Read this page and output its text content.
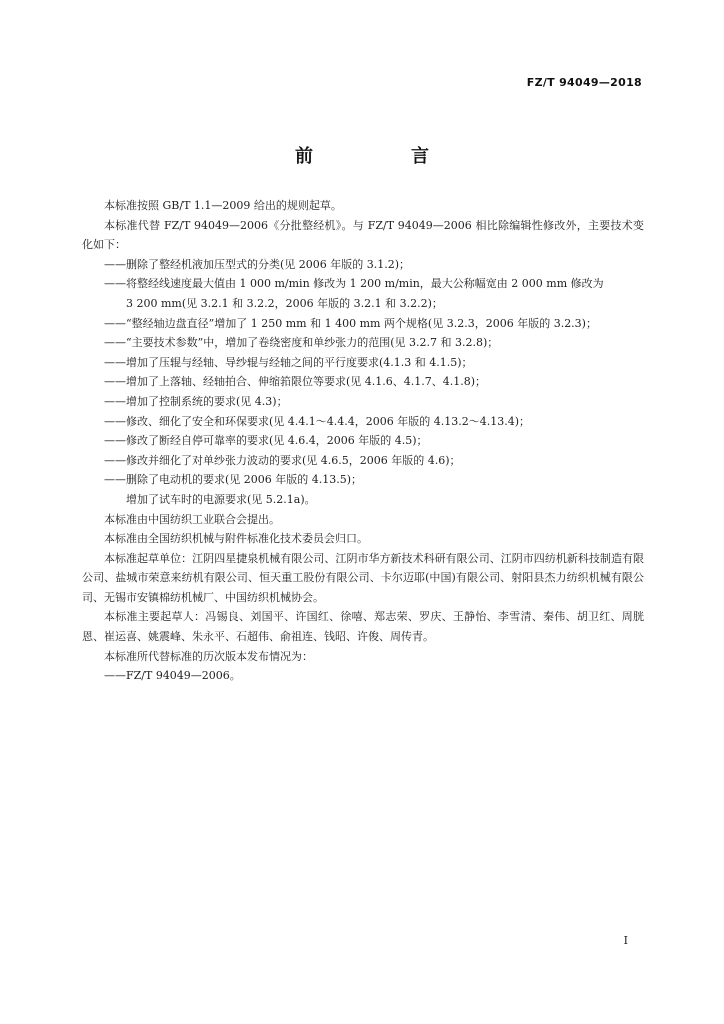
FZ/T 94049—2018
前　言

本标准按照 GB/T 1.1—2009 给出的规则起草。

本标准代替 FZ/T 94049—2006《分批整经机》。与 FZ/T 94049—2006 相比除编辑性修改外，主要技术变化如下：

——删除了整经机液加压型式的分类(见 2006 年版的 3.1.2)；

——将整经线速度最大值由 1 000 m/min 修改为 1 200 m/min，最大公称幅宽由 2 000 mm 修改为

3 200 mm(见 3.2.1 和 3.2.2，2006 年版的 3.2.1 和 3.2.2)；

——“整经轴边盘直径”增加了 1 250 mm 和 1 400 mm 两个规格(见 3.2.3，2006 年版的 3.2.3)；

——“主要技术参数”中，增加了卷绕密度和单纱张力的范围(见 3.2.7 和 3.2.8)；

——增加了压辊与经轴、导纱辊与经轴之间的平行度要求(4.1.3 和 4.1.5)；

——增加了上落轴、经轴拍合、伸缩筘限位等要求(见 4.1.6、4.1.7、4.1.8)；

——增加了控制系统的要求(见 4.3)；

——修改、细化了安全和环保要求(见 4.4.1～4.4.4，2006 年版的 4.13.2～4.13.4)；

——修改了断经自停可靠率的要求(见 4.6.4，2006 年版的 4.5)；

——修改并细化了对单纱张力波动的要求(见 4.6.5，2006 年版的 4.6)；

——删除了电动机的要求(见 2006 年版的 4.13.5)；

增加了试车时的电源要求(见 5.2.1a)。

本标准由中国纺织工业联合会提出。

本标准由全国纺织机械与附件标准化技术委员会归口。

本标准起草单位：江阴四星捷泉机械有限公司、江阴市华方新技术科研有限公司、江阴市四纺机新科技制造有限公司、盐城市荣意来纺机有限公司、恒天重工股份有限公司、卡尔迈耶(中国)有限公司、射阳县杰力纺织机械有限公司、无锡市安镇棉纺机械厂、中国纺织机械协会。

本标准主要起草人：冯锡良、刘国平、许国红、徐嘻、郑志荣、罗庆、王静怡、李雪清、秦伟、胡卫红、周胱恩、崔运喜、姚震峰、朱永平、石超伟、俞祖连、钱昭、许俊、周传青。

本标准所代替标准的历次版本发布情况为：

——FZ/T 94049—2006。

I
